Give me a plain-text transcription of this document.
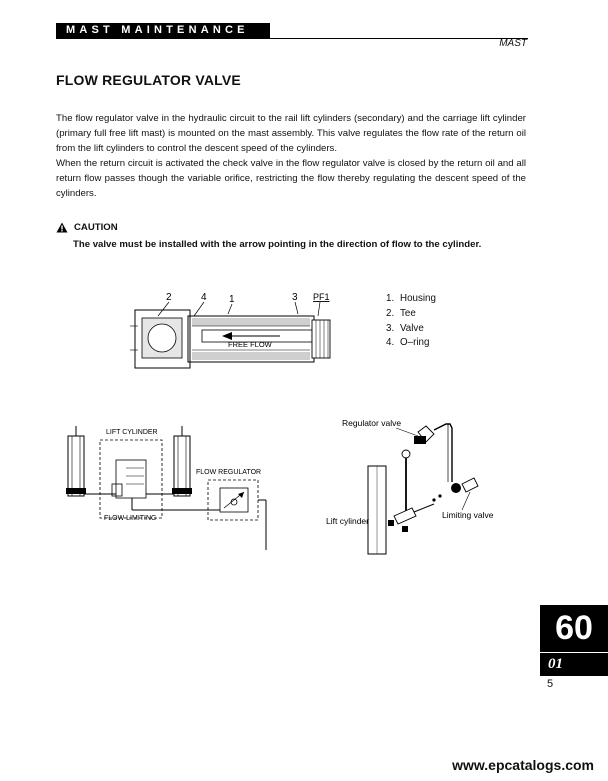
MAST MAINTENANCE
MAST
FLOW REGULATOR VALVE

The flow regulator valve in the hydraulic circuit to the rail lift cylinders (secondary) and the carriage lift cylinder (primary full free lift mast) is mounted on the mast assembly. This valve regulates the flow rate of the return oil from the lift cylinders to control the descent speed of the cylinders.

When the return circuit is activated the check valve in the flow regulator valve is closed by the return oil and all return flow passes though the variable orifice, restricting the flow thereby regulating the descent speed of the cylinders.

CAUTION
The valve must be installed with the arrow pointing in the direction of flow to the cylinder.
2	4 1	3 PF1
FREE FLOW
1. Housing
2. Tee
3. Valve
4. O–ring
LIFT CYLINDER
FLOW LIMITING
FLOW REGULATOR
Regulator valve
Lift cylinder
Limiting valve
60
01
5
www.epcatalogs.com
